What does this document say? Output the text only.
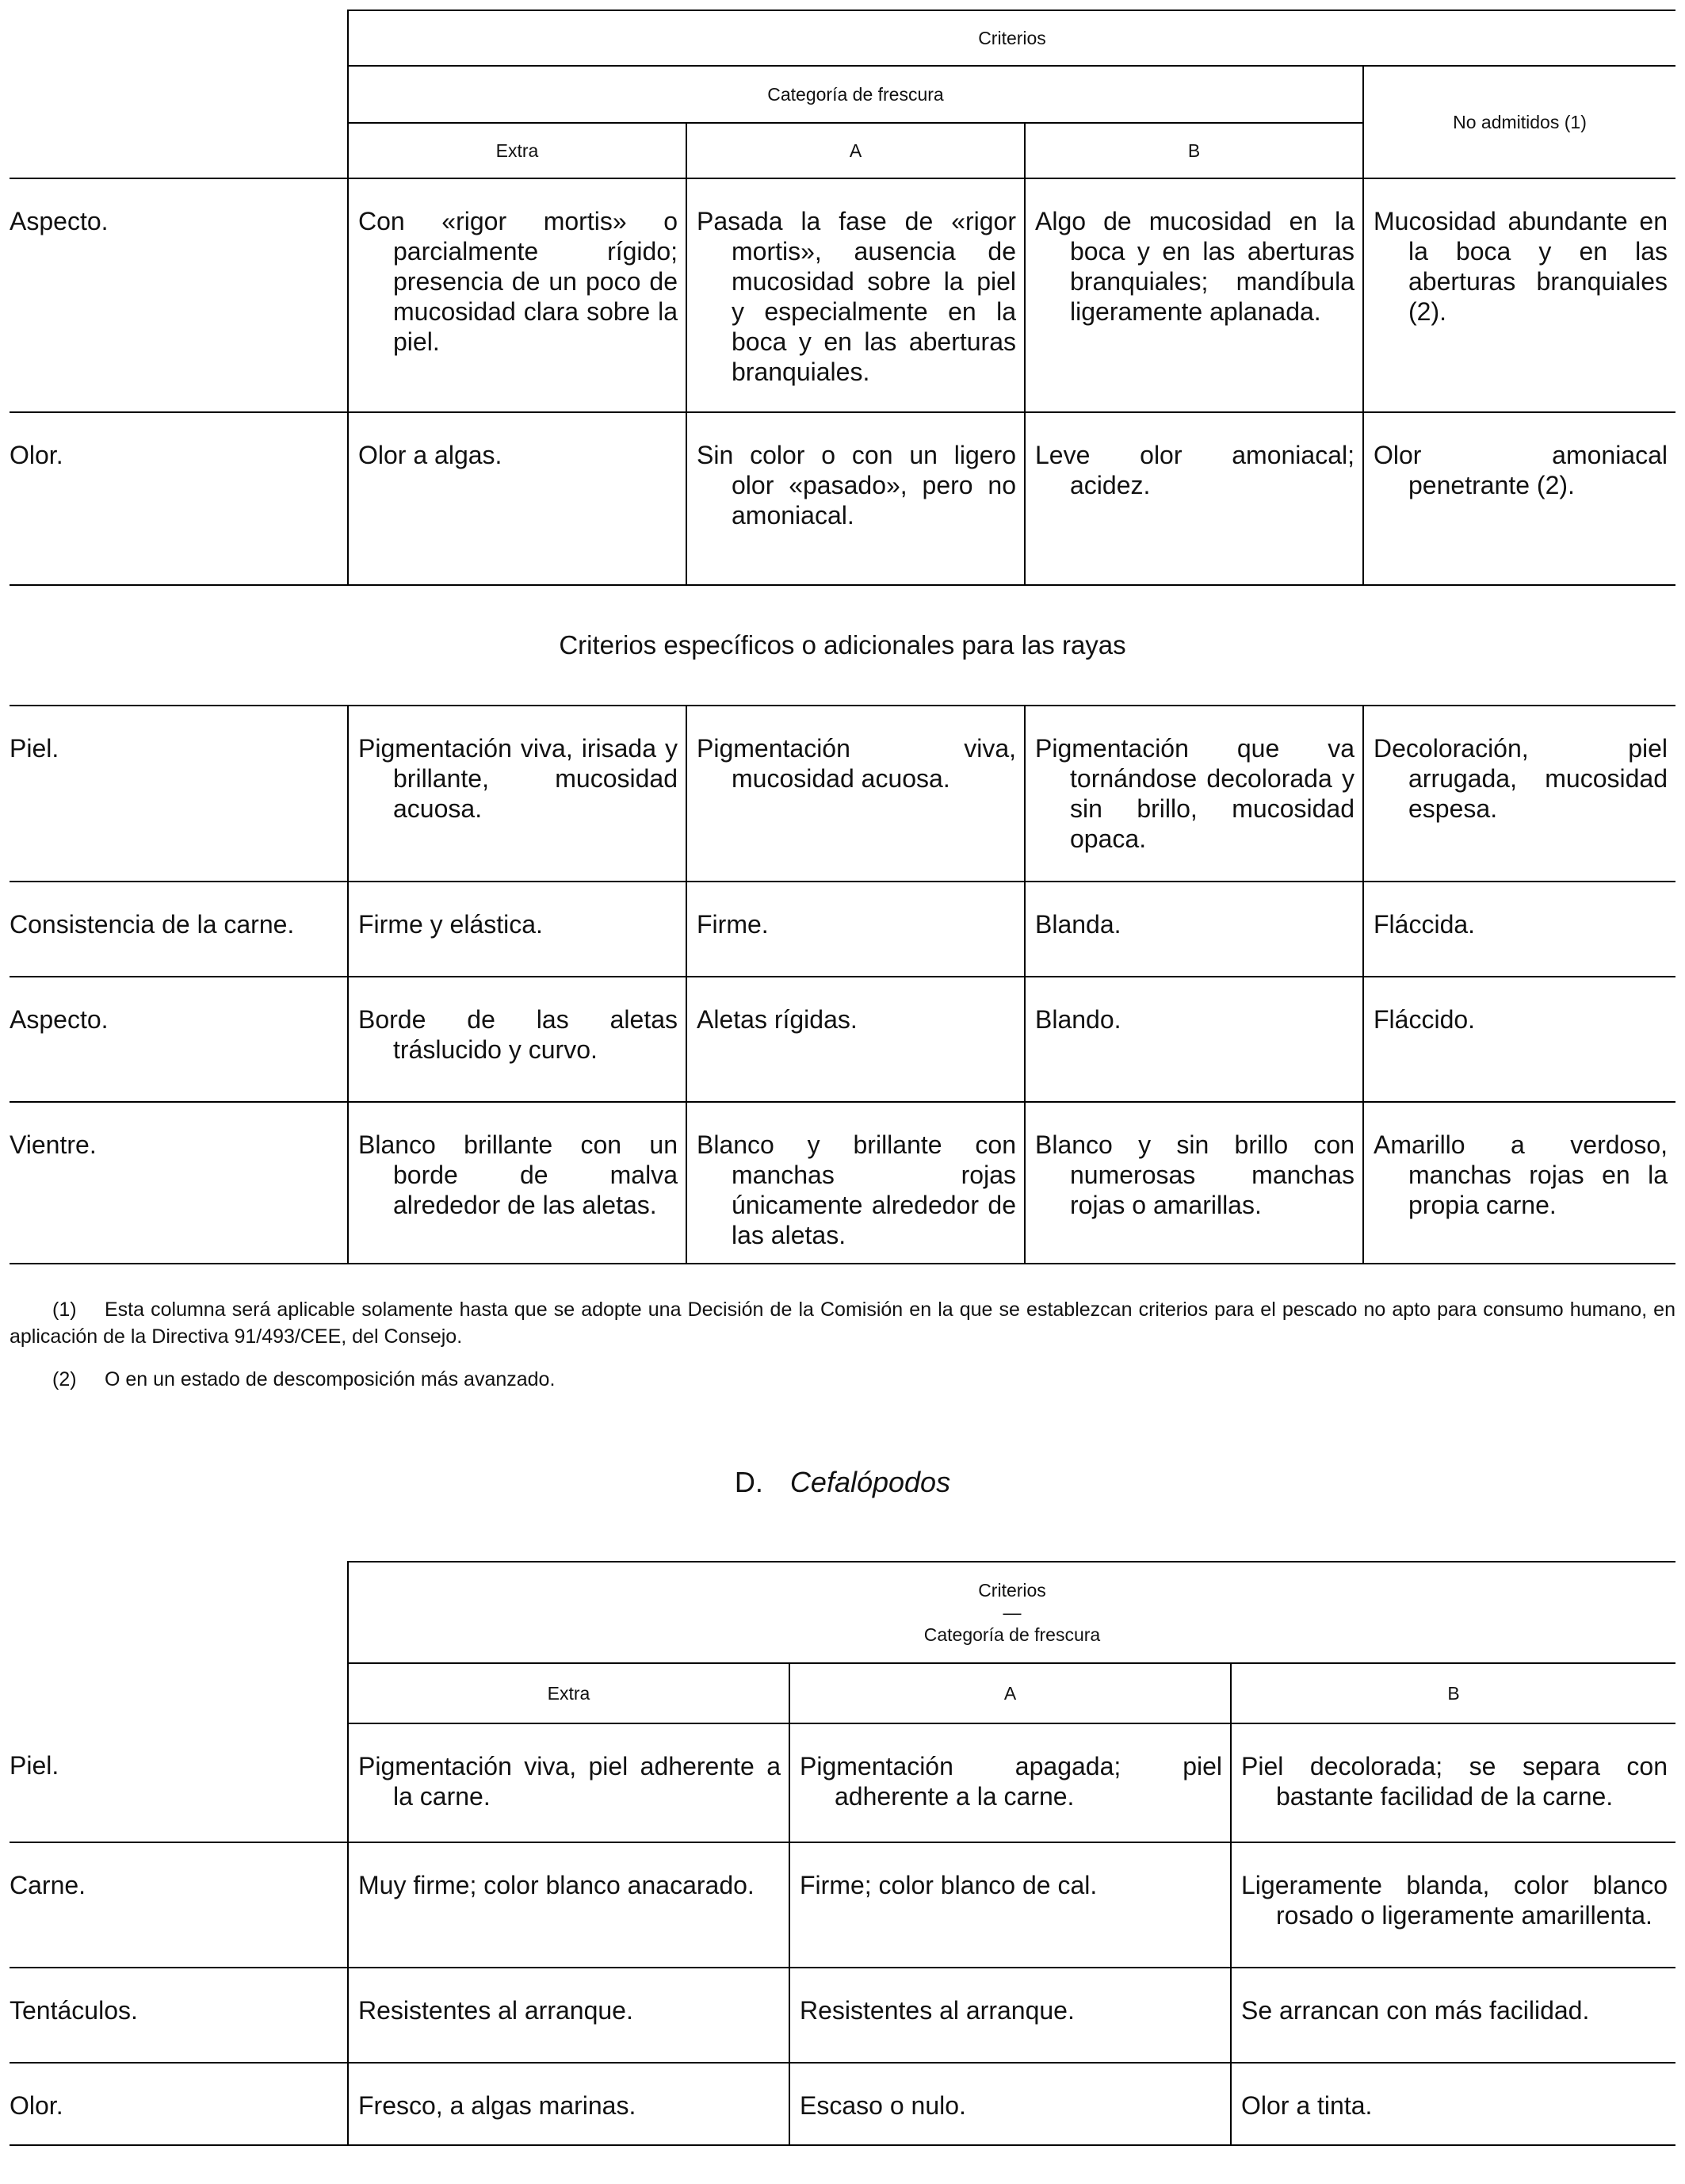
	Criterios			
	Categoría de frescura			No admitidos (1)
	Extra	A	B	
Aspecto.	Con «rigor mortis» o parcialmente rígido; presencia de un poco de mucosidad clara sobre la piel.	Pasada la fase de «rigor mortis», ausencia de mucosidad sobre la piel y especialmente en la boca y en las aberturas branquiales.	Algo de mucosidad en la boca y en las aberturas branquiales; mandíbula ligeramente aplanada.	Mucosidad abundante en la boca y en las aberturas branquiales (2).

Olor.	Olor a algas.	Sin color o con un ligero olor «pasado», pero no amoniacal.	Leve olor amoniacal; acidez.	Olor amoniacal penetrante (2).

Criterios específicos o adicionales para las rayas				
Piel.	Pigmentación viva, irisada y brillante, mucosidad acuosa.	Pigmentación viva, mucosidad acuosa.	Pigmentación que va tornándose decolorada y sin brillo, mucosidad opaca.	Decoloración, piel arrugada, mucosidad espesa.

Consistencia de la carne.	Firme y elástica.	Firme.	Blanda.	Fláccida.

Aspecto.	Borde de las aletas tráslucido y curvo.	Aletas rígidas.	Blando.	Fláccido.

Vientre.	Blanco brillante con un borde de malva alrededor de las aletas.	Blanco y brillante con manchas rojas únicamente alrededor de las aletas.	Blanco y sin brillo con numerosas manchas rojas o amarillas.	Amarillo a verdoso, manchas rojas en la propia carne.

(1) Esta columna será aplicable solamente hasta que se adopte una Decisión de la Comisión en la que se establezcan criterios para el pescado no apto para consumo humano, en aplicación de la Directiva 91/493/CEE, del Consejo.

(2) O en un estado de descomposición más avanzado.

D. Cefalópodos
	Criterios
—
Categoría de frescura		
	Extra	A	B
Piel.	Pigmentación viva, piel adherente a la carne.	Pigmentación apagada; piel adherente a la carne.	Piel decolorada; se separa con bastante facilidad de la carne.

Carne.	Muy firme; color blanco anacarado.	Firme; color blanco de cal.	Ligeramente blanda, color blanco rosado o ligeramente amarillenta.

Tentáculos.	Resistentes al arranque.	Resistentes al arranque.	Se arrancan con más facilidad.

Olor.	Fresco, a algas marinas.	Escaso o nulo.	Olor a tinta.
